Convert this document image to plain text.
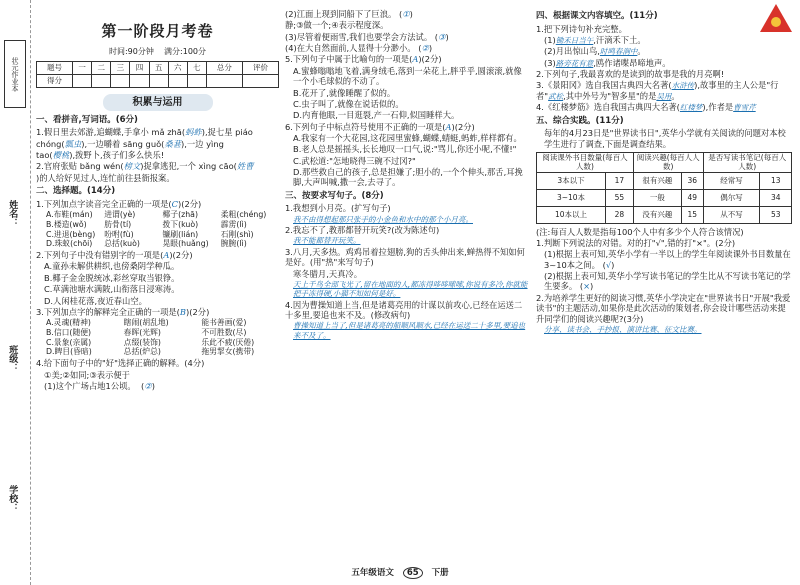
状元作业本
姓名：
班级：
学校：
第一阶段月考卷
时间:90分钟 满分:100分
题号	一	二	三	四	五	六	七	总分	评价
得分									
积累与运用
一、看拼音,写词语。(6分)
1.假日里去郊游,追蝴蝶,手拿小 mǎ zhā(蚂蚱),捉七星 piáo
chóng(瓢虫),一边嚼着 sāng guǒ(桑葚),一边 yìng
tao(樱桃),拨野卜,孩子们多么快乐!
2.官府张贴 bǎng wén(榜文)捉拿逃犯,一个 xìng cāo(姓曹
)的人给好见过人,连忙前往县衙报案。
二、选择题。(14分)
1.下列加点字读音完全正确的一项是(C)(2分)
A.布鞋(mán)	进谓(yè)	椰子(zhā)	柔粗(chéng)
B.楼造(wǒ)	肪骨(tí)	拨下(kuò)	霹雳(lì)
C.进退(bèng)	吩咐(fù)	镰刷(lián)	石刚(shì)
D.珠蚁(chōi)	总括(kuò)	晃眼(huǎng)	腕腕(lì)
2.下列句子中没有错别字的一项是(A)(2分)
A.童孙未解供耕织,也傍桑阴学种瓜。
B.椰子金金脱统冰,彩丝穿取当银铮。
C.草满池塘水满陂,山衔落日浸寒涛。
D.人闲桂花落,夜近春山空。
3.下列加点字的解释完全正确的一项是(B)(2分)
A.灵魂(精神)	瞎闹(胡乱地)	能书善画(爱)
B.信口(随便)	春晖(光辉)	不可胜数(尽)
C.景象(亲属)	点缀(装饰)	乐此不疲(厌倦)
D.睥目(昏暗)	总括(炉总)	拖男挈女(携带)
4.给下面句子中的"好"选择正确的解释。(4分)
①美;②如同;③表示便于
(1)这个广场占地1公顷。  (②)
(2)江面上现到同船下了巨浪。 (①)
静;③做一个;④表示程度深。
(3)尽管着便雨雪,我们也要学会方法试。 (③)
(4)在大自然面前,人显得十分渺小。 (②)
5.下列句子中属于比喻句的一项是(A)(2分)
A.蜜蜂嗡嗡地飞着,满身绒毛,落到一朵花上,胖乎乎,圆滚滚,就像一个小毛球似的不动了。
B.花开了,就像睡醒了似的。
C.虫子叫了,就像在说话似的。
D.内育他眼,一目逛裂,产一石仰,似国睡样大。
6.下列句子中标点符号使用不正确的一项是(A)(2分)
A.我家有一个大花园,这花园里蜜蜂,蝴蝶,蜻蜓,蚂蚱,样样都有。
B.老人总是摇摇头,长长地叹一口气,说:"骂儿,你还小呢,不懂!"
C.武松道:"怎地晓得三碗不过冈?"
D.那些救自己的孩子,总是担嫌了;胆小的,一个个伸头,那舌,耳挽脚,大声叫喊,撒一会,去寻了。
三、按要求写句子。(8分)
1.我想到小月亮。(扩写句子)
我不由得想起那只张手的小金鱼和水中的那个小月亮。
2.我忘不了,教那都替开玩笑?(改为陈述句)
我不能都替开玩笑。
3.八月,天多热。鸡鸡吊着拉翅膀,狗的舌头伸出来,蝉热得不知如何是好。(用"热"来写句子)
寒冬腊月,天真冷。
天上千鸟全部飞光了,留在地面的人,都冻得哆哆嗦嗦,你说有多冷,你就能把手冻得硬,小猫不知如何是好。
4.因为曹操知道上当,但是诸葛亮用的计谋以前攻心,已经在运送二十多里,要追也来不及。(修改病句)
曹操知道上当了,但是诸葛亮的船顺风顺水,已经在运送二十多里,要追也来不及了。
四、根据课文内容填空。(11分)
1.把下列诗句补充完整。
(1)锄禾日当午,汗滴禾下土。
(2)月出惊山鸟,时鸣春涧中。
(3)路旁花有意,鸥作诸喋昂啼地声。
2.下列句子,我最喜欢的是读到的故事是我的月亮啊!
3.《景阳冈》选自我国古典四大名著(水浒传),故事里的主人公是"行者"武松,其中外号为"智多星"的是吴用。
4.《红楼梦筋》选自我国古典四大名著(红楼梦),作者是曹雪芹
五、综合实践。(11分)
每年的4月23日是"世界读书日",英华小学就有关阅读的问题对本校学生进行了调查,下面是调查结果。
阅读课外书目数量(每百人人数)		阅读兴趣(每百人人数)		是否写读书笔记(每百人人数)	
3本以下	17	很有兴趣	36	经常写	13
3~10本	55	一般	49	偶尔写	34
10本以上	28	没有兴趣	15	从不写	53
(注:每百人人数是指每100个人中有多少个人符合该情况)
1.判断下列说法的对错。对的打"√",错的打"×"。(2分)
(1)根据上表可知,英华小学有一半以上的学生年阅读课外书目数量在3~10本之间。 (√)
(2)根据上表可知,英华小学写读书笔记的学生比从不写读书笔记的学生要多。 (×)
2.为培养学生更好的阅读习惯,英华小学决定在"世界读书日"开展"我爱读书"的主题活动,如果你是此次活动的策划者,你会设计哪些活动来提升同学们的阅读兴趣呢?(3分)
分享、读书会、手抄报、演讲比赛、征文比赛。
五年级语文 65 下册
